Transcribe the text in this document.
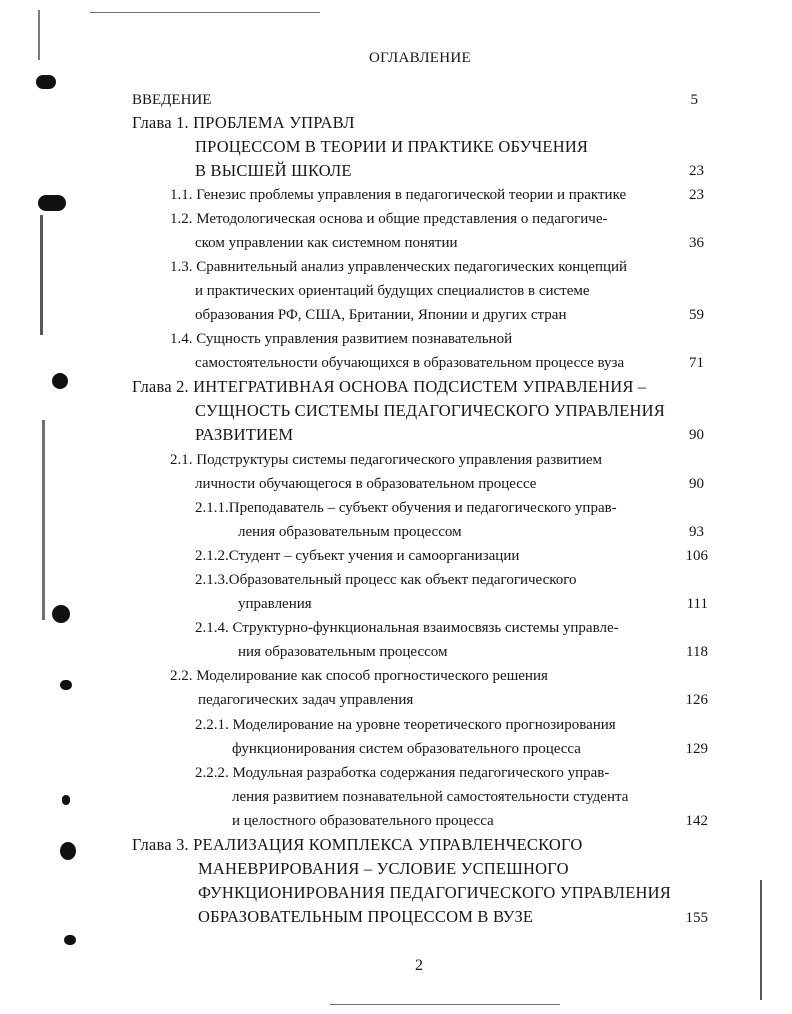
ОГЛАВЛЕНИЕ
ВВЕДЕНИЕ	5
Глава 1. ПРОБЛЕМА УПРАВЛ
ПРОЦЕССОМ В ТЕОРИИ И ПРАКТИКЕ ОБУЧЕНИЯ
В ВЫСШЕЙ ШКОЛЕ	23
1.1. Генезис проблемы управления в педагогической теории и практике	23
1.2. Методологическая основа и общие представления о педагогиче-
ском управлении как системном понятии	36
1.3. Сравнительный анализ управленческих педагогических концепций
и практических ориентаций будущих специалистов в системе
образования РФ, США, Британии, Японии и других стран	59
1.4. Сущность управления развитием познавательной
самостоятельности обучающихся в образовательном процессе вуза	71
Глава 2. ИНТЕГРАТИВНАЯ ОСНОВА ПОДСИСТЕМ УПРАВЛЕНИЯ –
СУЩНОСТЬ СИСТЕМЫ ПЕДАГОГИЧЕСКОГО УПРАВЛЕНИЯ
РАЗВИТИЕМ	90
2.1. Подструктуры системы педагогического управления развитием
личности обучающегося в образовательном процессе	90
2.1.1.Преподаватель – субъект обучения и педагогического управ-
ления образовательным процессом	93
2.1.2.Студент – субъект учения и самоорганизации	106
2.1.3.Образовательный процесс как объект педагогического
управления	111
2.1.4. Структурно-функциональная взаимосвязь системы управле-
ния образовательным процессом	118
2.2. Моделирование как способ прогностического решения
педагогических задач управления	126
2.2.1. Моделирование на уровне теоретического прогнозирования
функционирования систем образовательного процесса	129
2.2.2. Модульная разработка содержания педагогического управ-
ления развитием познавательной самостоятельности студента
и целостного образовательного процесса	142
Глава 3. РЕАЛИЗАЦИЯ КОМПЛЕКСА УПРАВЛЕНЧЕСКОГО
МАНЕВРИРОВАНИЯ – УСЛОВИЕ УСПЕШНОГО
ФУНКЦИОНИРОВАНИЯ ПЕДАГОГИЧЕСКОГО УПРАВЛЕНИЯ
ОБРАЗОВАТЕЛЬНЫМ ПРОЦЕССОМ В ВУЗЕ	155
2
